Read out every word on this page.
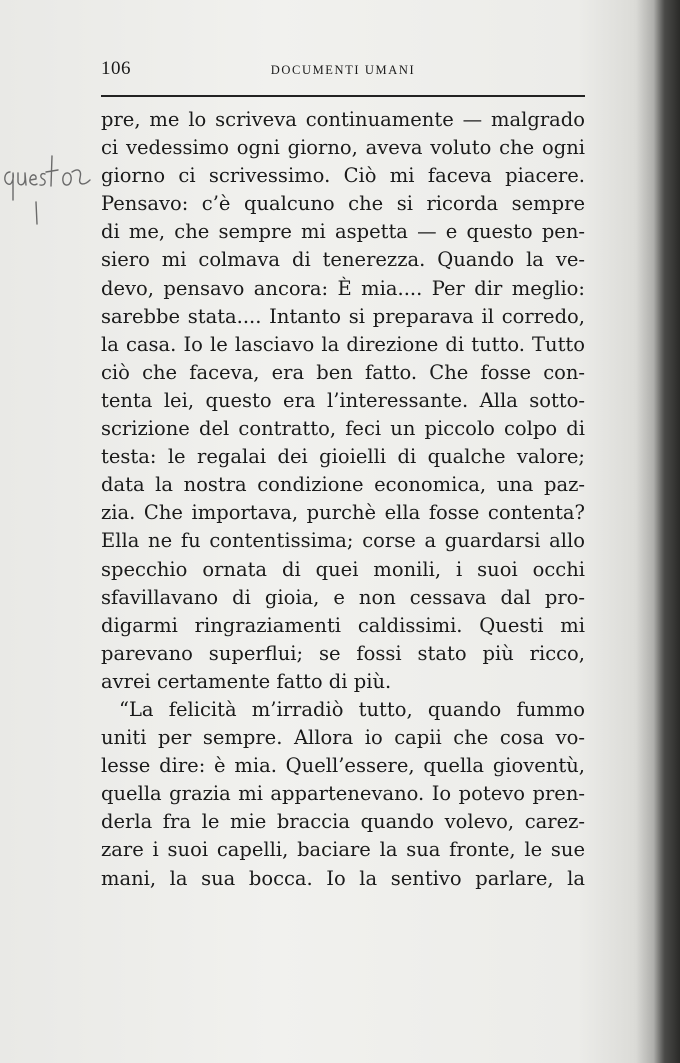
106	DOCUMENTI UMANI
pre, me lo scriveva continuamente — malgrado
ci vedessimo ogni giorno, aveva voluto che ogni
giorno ci scrivessimo. Ciò mi faceva piacere.
Pensavo: c’è qualcuno che si ricorda sempre
di me, che sempre mi aspetta — e questo pen-
siero mi colmava di tenerezza. Quando la ve-
devo, pensavo ancora: È mia.... Per dir meglio:
sarebbe stata.... Intanto si preparava il corredo,
la casa. Io le lasciavo la direzione di tutto. Tutto
ciò che faceva, era ben fatto. Che fosse con-
tenta lei, questo era l’interessante. Alla sotto-
scrizione del contratto, feci un piccolo colpo di
testa: le regalai dei gioielli di qualche valore;
data la nostra condizione economica, una paz-
zia. Che importava, purchè ella fosse contenta?
Ella ne fu contentissima; corse a guardarsi allo
specchio ornata di quei monili, i suoi occhi
sfavillavano di gioia, e non cessava dal pro-
digarmi ringraziamenti caldissimi. Questi mi
parevano superflui; se fossi stato più ricco,
avrei certamente fatto di più.
“La felicità m’irradiò tutto, quando fummo
uniti per sempre. Allora io capii che cosa vo-
lesse dire: è mia. Quell’essere, quella gioventù,
quella grazia mi appartenevano. Io potevo pren-
derla fra le mie braccia quando volevo, carez-
zare i suoi capelli, baciare la sua fronte, le sue
mani, la sua bocca. Io la sentivo parlare, la
